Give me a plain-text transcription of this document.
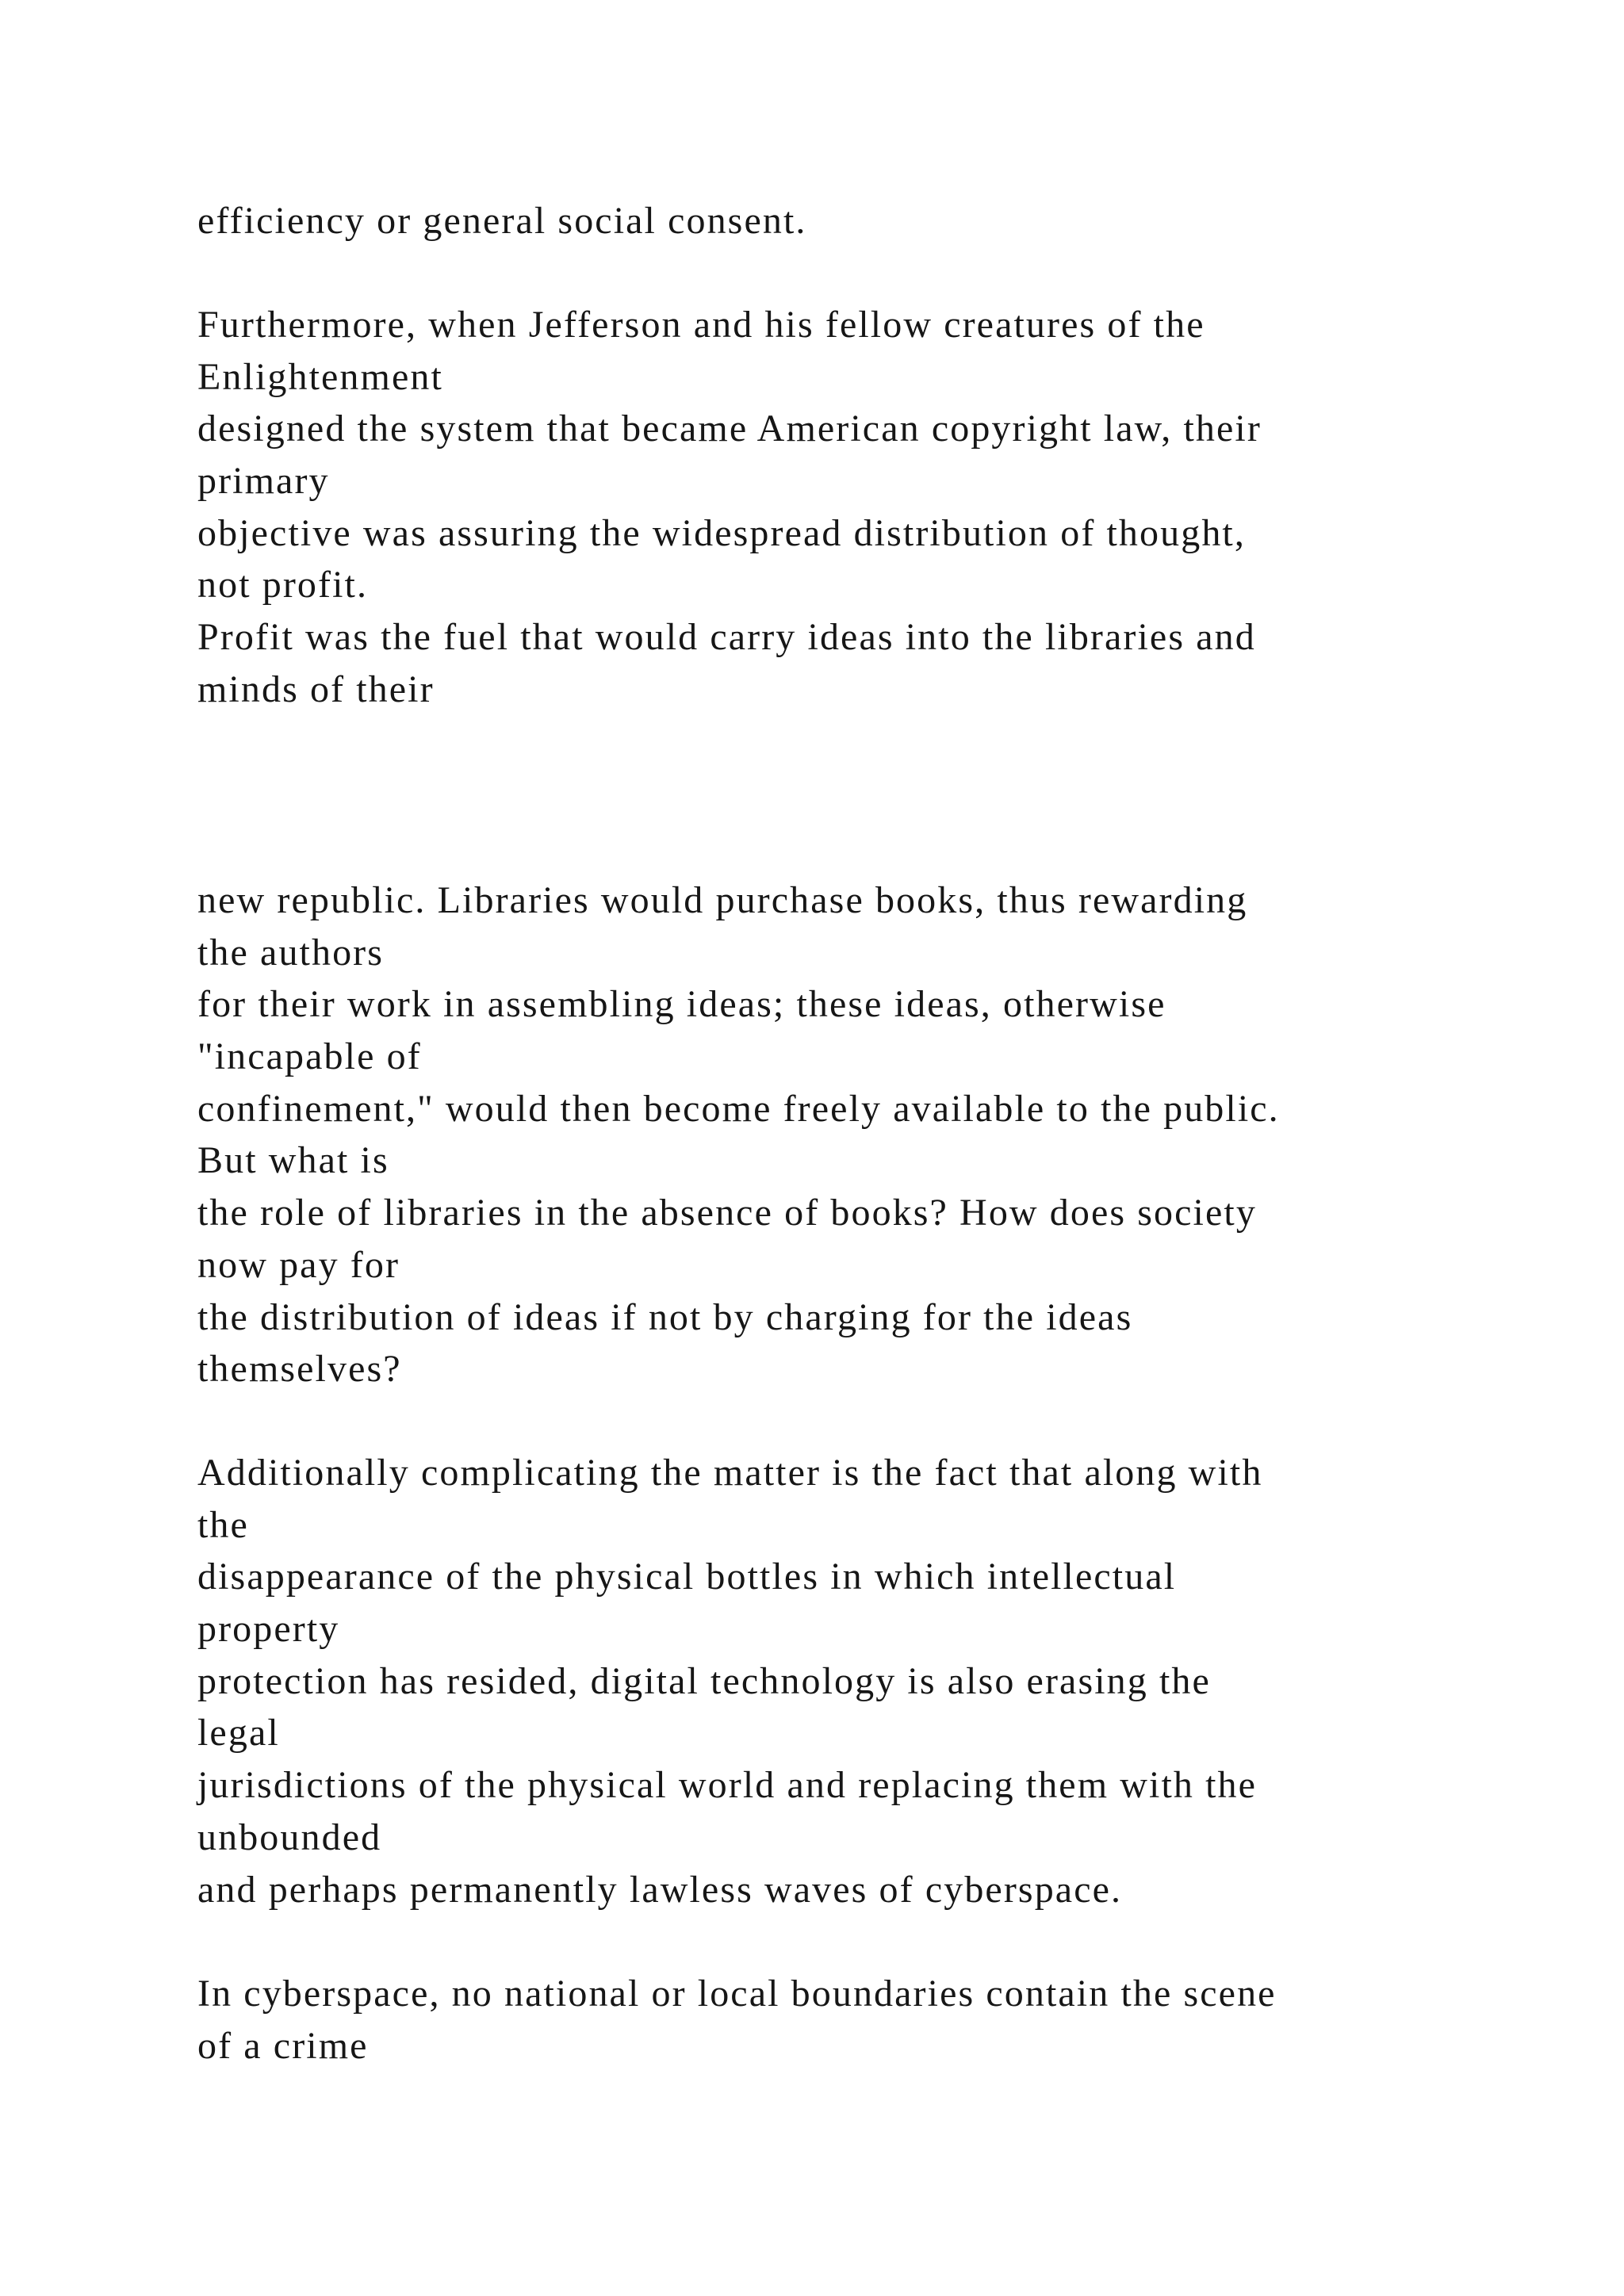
efficiency or general social consent.

Furthermore, when Jefferson and his fellow creatures of the
Enlightenment
designed the system that became American copyright law, their
primary
objective was assuring the widespread distribution of thought,
not profit.
Profit was the fuel that would carry ideas into the libraries and
minds of their

new republic. Libraries would purchase books, thus rewarding
the authors
for their work in assembling ideas; these ideas, otherwise
"incapable of
confinement," would then become freely available to the public.
But what is
the role of libraries in the absence of books? How does society
now pay for
the distribution of ideas if not by charging for the ideas
themselves?

Additionally complicating the matter is the fact that along with
the
disappearance of the physical bottles in which intellectual
property
protection has resided, digital technology is also erasing the
legal
jurisdictions of the physical world and replacing them with the
unbounded
and perhaps permanently lawless waves of cyberspace.

In cyberspace, no national or local boundaries contain the scene
of a crime
